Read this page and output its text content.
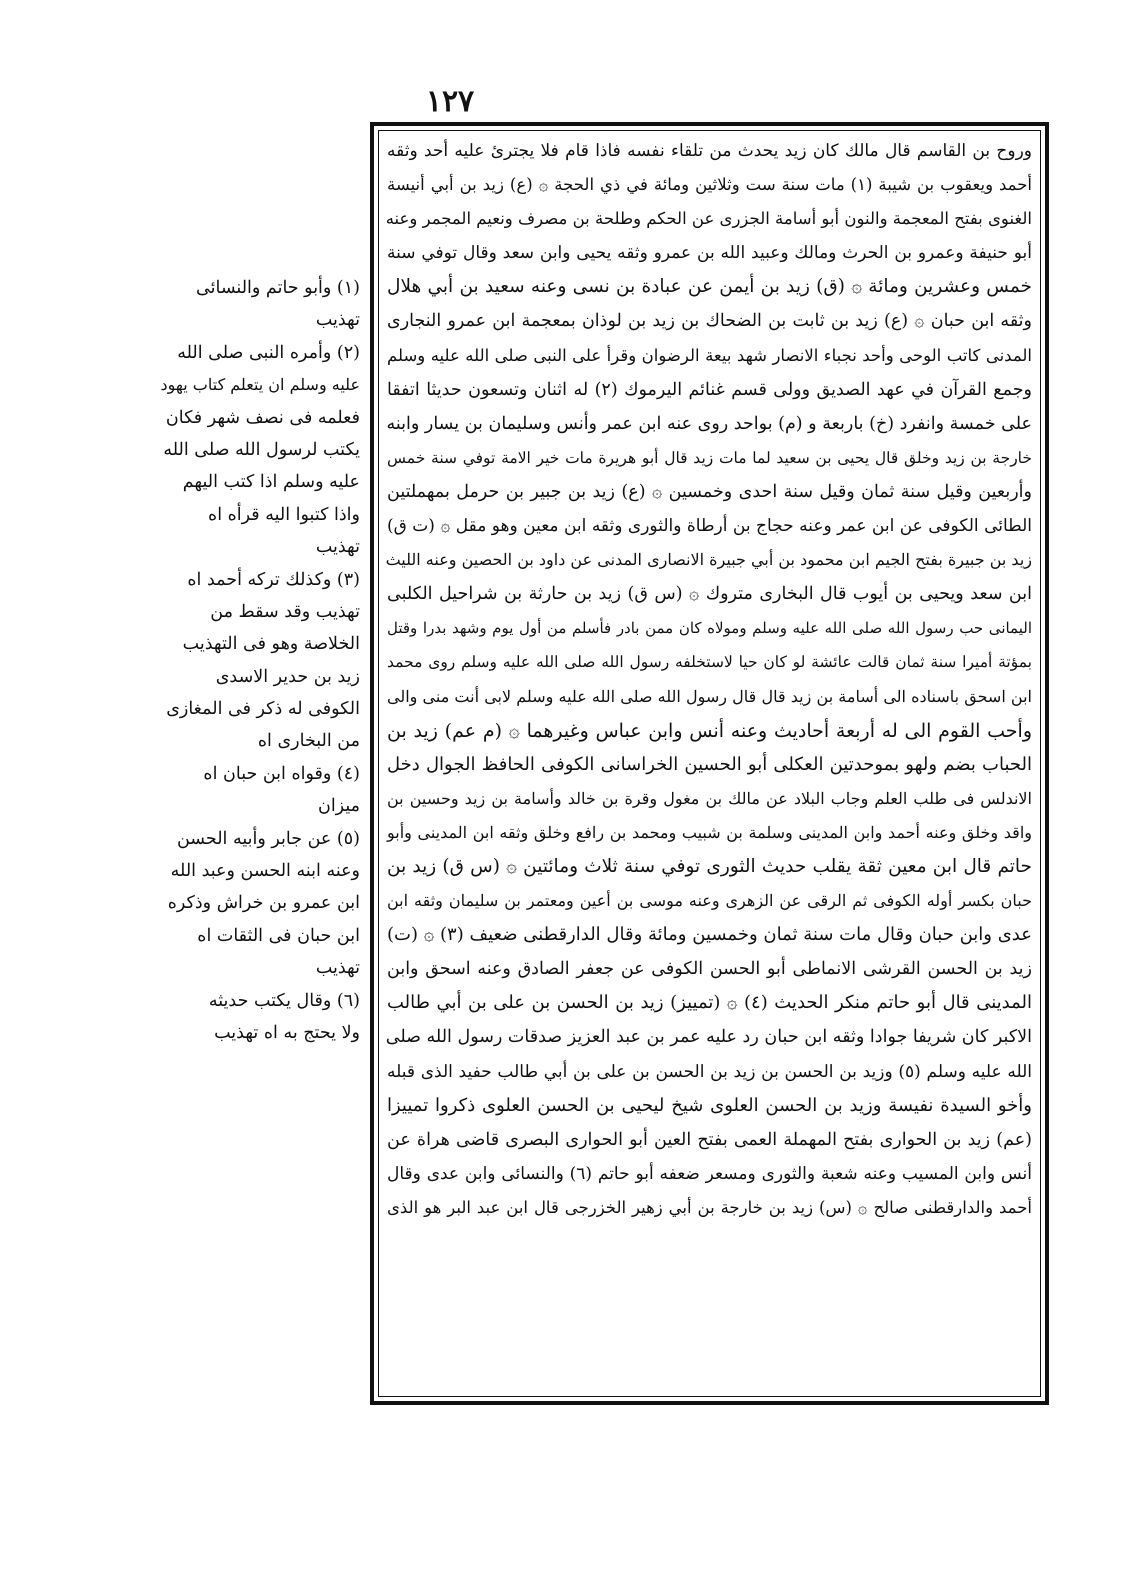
١٢٧
وروح بن القاسم قال مالك كان زيد يحدث من تلقاء نفسه فاذا قام فلا يجترئ عليه أحد وثقه
أحمد ويعقوب بن شيبة (١) مات سنة ست وثلاثين ومائة في ذي الحجة ۞ (ع) زيد بن أبي أنيسة
الغنوى بفتح المعجمة والنون أبو أسامة الجزرى عن الحكم وطلحة بن مصرف ونعيم المجمر وعنه
أبو حنيفة وعمرو بن الحرث ومالك وعبيد الله بن عمرو وثقه يحيى وابن سعد وقال توفي سنة
خمس وعشرين ومائة ۞ (ق) زيد بن أيمن عن عبادة بن نسى وعنه سعيد بن أبي هلال
وثقه ابن حبان ۞ (ع) زيد بن ثابت بن الضحاك بن زيد بن لوذان بمعجمة ابن عمرو النجارى
المدنى كاتب الوحى وأحد نجباء الانصار شهد بيعة الرضوان وقرأ على النبى صلى الله عليه وسلم
وجمع القرآن في عهد الصديق وولى قسم غنائم اليرموك (٢) له اثنان وتسعون حديثا اتفقا
على خمسة وانفرد (خ) باربعة و (م) بواحد روى عنه ابن عمر وأنس وسليمان بن يسار وابنه
خارجة بن زيد وخلق قال يحيى بن سعيد لما مات زيد قال أبو هريرة مات خير الامة توفي سنة خمس
وأربعين وقيل سنة ثمان وقيل سنة احدى وخمسين ۞ (ع) زيد بن جبير بن حرمل بمهملتين
الطائى الكوفى عن ابن عمر وعنه حجاج بن أرطاة والثورى وثقه ابن معين وهو مقل ۞ (ت ق)
زيد بن جبيرة بفتح الجيم ابن محمود بن أبي جبيرة الانصارى المدنى عن داود بن الحصين وعنه الليث
ابن سعد ويحيى بن أيوب قال البخارى متروك ۞ (س ق) زيد بن حارثة بن شراحيل الكلبى
اليمانى حب رسول الله صلى الله عليه وسلم ومولاه كان ممن بادر فأسلم من أول يوم وشهد بدرا وقتل
بمؤتة أميرا سنة ثمان قالت عائشة لو كان حيا لاستخلفه رسول الله صلى الله عليه وسلم روى محمد
ابن اسحق باسناده الى أسامة بن زيد قال قال رسول الله صلى الله عليه وسلم لابى أنت منى والى
وأحب القوم الى له أربعة أحاديث وعنه أنس وابن عباس وغيرهما ۞ (م عم) زيد بن
الحباب بضم ولهو بموحدتين العكلى أبو الحسين الخراسانى الكوفى الحافظ الجوال دخل
الاندلس فى طلب العلم وجاب البلاد عن مالك بن مغول وقرة بن خالد وأسامة بن زيد وحسين بن
واقد وخلق وعنه أحمد وابن المدينى وسلمة بن شبيب ومحمد بن رافع وخلق وثقه ابن المدينى وأبو
حاتم قال ابن معين ثقة يقلب حديث الثورى توفي سنة ثلاث ومائتين ۞ (س ق) زيد بن
حبان بكسر أوله الكوفى ثم الرقى عن الزهرى وعنه موسى بن أعين ومعتمر بن سليمان وثقه ابن
عدى وابن حبان وقال مات سنة ثمان وخمسين ومائة وقال الدارقطنى ضعيف (٣) ۞ (ت)
زيد بن الحسن القرشى الانماطى أبو الحسن الكوفى عن جعفر الصادق وعنه اسحق وابن
المدينى قال أبو حاتم منكر الحديث (٤) ۞ (تمييز) زيد بن الحسن بن على بن أبي طالب
الاكبر كان شريفا جوادا وثقه ابن حبان رد عليه عمر بن عبد العزيز صدقات رسول الله صلى
الله عليه وسلم (٥) وزيد بن الحسن بن زيد بن الحسن بن على بن أبي طالب حفيد الذى قبله
وأخو السيدة نفيسة وزيد بن الحسن العلوى شيخ ليحيى بن الحسن العلوى ذكروا تمييزا
(عم) زيد بن الحوارى بفتح المهملة العمى بفتح العين أبو الحوارى البصرى قاضى هراة عن
أنس وابن المسيب وعنه شعبة والثورى ومسعر ضعفه أبو حاتم (٦) والنسائى وابن عدى وقال
أحمد والدارقطنى صالح ۞ (س) زيد بن خارجة بن أبي زهير الخزرجى قال ابن عبد البر هو الذى
(١) وأبو حاتم والنسائى
تهذيب
(٢) وأمره النبى صلى الله
عليه وسلم ان يتعلم كتاب يهود
فعلمه فى نصف شهر فكان
يكتب لرسول الله صلى الله
عليه وسلم اذا كتب اليهم
واذا كتبوا اليه قرأه اه
تهذيب
(٣) وكذلك تركه أحمد اه
تهذيب وقد سقط من
الخلاصة وهو فى التهذيب
زيد بن حدير الاسدى
الكوفى له ذكر فى المغازى
من البخارى اه
(٤) وقواه ابن حبان اه
ميزان
(٥) عن جابر وأبيه الحسن
وعنه ابنه الحسن وعبد الله
ابن عمرو بن خراش وذكره
ابن حبان فى الثقات اه
تهذيب
(٦) وقال يكتب حديثه
ولا يحتج به اه تهذيب
